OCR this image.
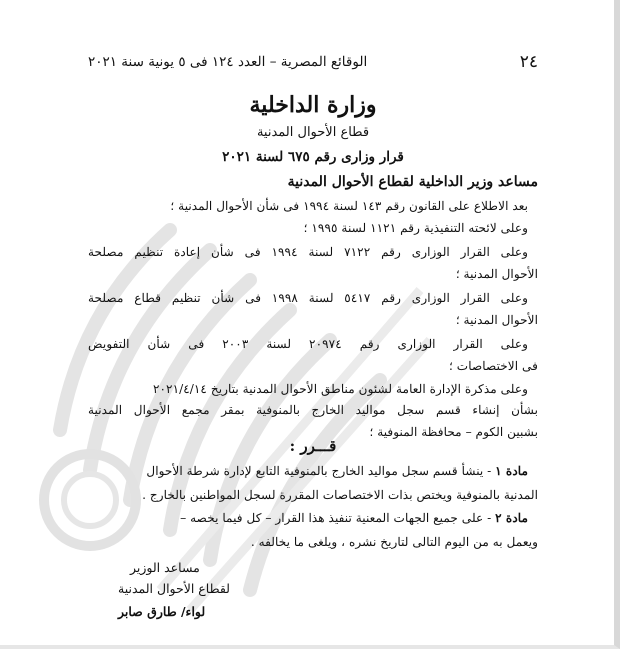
٢٤
الوقائع المصرية – العدد ١٢٤ فى ٥ يونية سنة ٢٠٢١
وزارة الداخلية
قطاع الأحوال المدنية
قرار وزارى رقم ٦٧٥ لسنة ٢٠٢١
مساعد وزير الداخلية لقطاع الأحوال المدنية
بعد الاطلاع على القانون رقم ١٤٣ لسنة ١٩٩٤ فى شأن الأحوال المدنية ؛
وعلى لائحته التنفيذية رقم ١١٢١ لسنة ١٩٩٥ ؛
وعلى القرار الوزارى رقم ٧١٢٢ لسنة ١٩٩٤ فى شأن إعادة تنظيم مصلحة
الأحوال المدنية ؛
وعلى القرار الوزارى رقم ٥٤١٧ لسنة ١٩٩٨ فى شأن تنظيم قطاع مصلحة
الأحوال المدنية ؛
وعلى القرار الوزارى رقم ٢٠٩٧٤ لسنة ٢٠٠٣ فى شأن التفويض
فى الاختصاصات ؛
وعلى مذكرة الإدارة العامة لشئون مناطق الأحوال المدنية بتاريخ ٢٠٢١/٤/١٤
بشأن إنشاء قسم سجل مواليد الخارج بالمنوفية بمقر مجمع الأحوال المدنية
بشبين الكوم – محافظة المنوفية ؛
قـــرر :
مادة ١ - ينشأ قسم سجل مواليد الخارج بالمنوفية التابع لإدارة شرطة الأحوال
المدنية بالمنوفية ويختص بذات الاختصاصات المقررة لسجل المواطنين بالخارج .
مادة ٢ - على جميع الجهات المعنية تنفيذ هذا القرار – كل فيما يخصه –
ويعمل به من اليوم التالى لتاريخ نشره ، ويلغى ما يخالفه .
مساعد الوزير
لقطاع الأحوال المدنية
لواء/ طارق صابر
